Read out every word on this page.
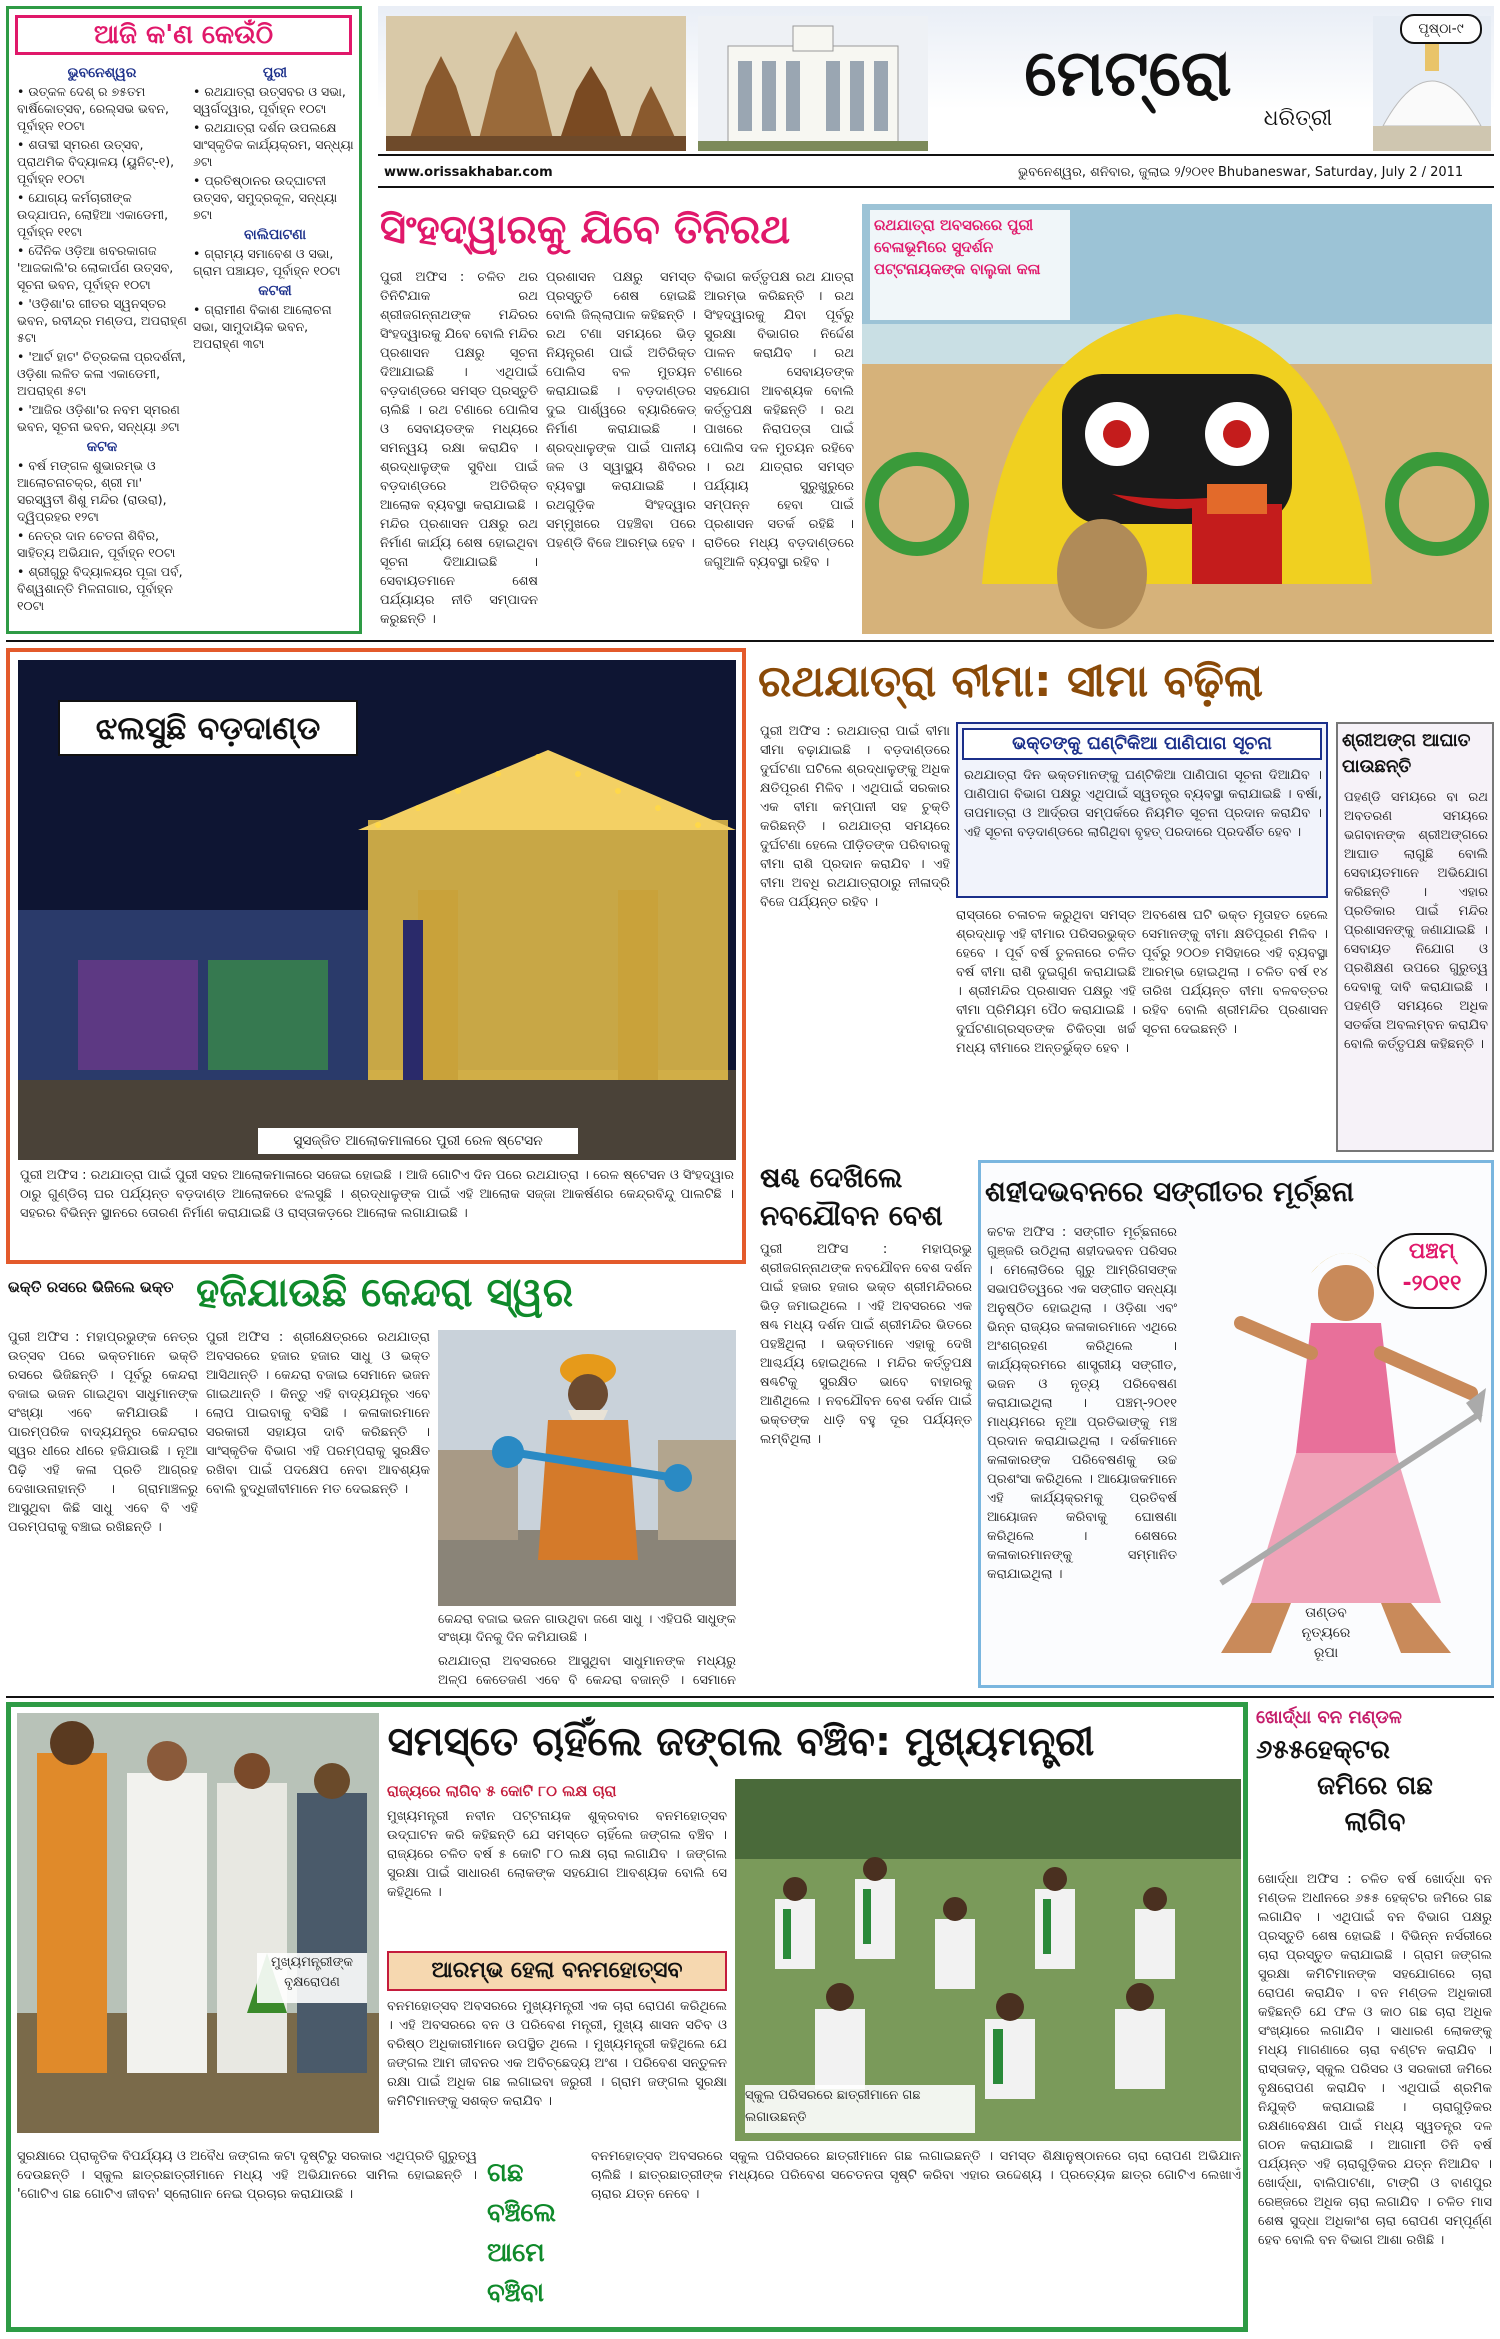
ଆଜି କ'ଣ କେଉଁଠି
ଭୁବନେଶ୍ୱର
• ଉତ୍କଳ ଦେଶ୍ ର ୭୫ତମ ବାର୍ଷିକୋତ୍ସବ, ରେଲ୍‌ସଭ ଭବନ, ପୂର୍ବାହ୍ନ ୧୦ଟା
• ଶତାବ୍ଦୀ ସ୍ମରଣ ଉତ୍ସବ, ପ୍ରାଥମିକ ବିଦ୍ୟାଳୟ (ୟୁନିଟ୍-୧), ପୂର୍ବାହ୍ନ ୧୦ଟା
• ଯୋଗ୍ୟ କର୍ମଚାରୀଙ୍କ ଉଦ୍‌ଯାପନ, ଲୋହିଆ ଏକାଡେମୀ, ପୂର୍ବାହ୍ନ ୧୧ଟା
• ଦୈନିକ ଓଡ଼ିଆ ଖବରକାଗଜ 'ଆଜକାଲି'ର ଲୋକାର୍ପଣ ଉତ୍ସବ, ସୂଚନା ଭବନ, ପୂର୍ବାହ୍ନ ୧୦ଟା
• 'ଓଡ଼ିଶା'ର ଗୀତର ସ୍ୱନସ୍ତର ଭବନ, ରବୀନ୍ଦ୍ର ମଣ୍ଡପ, ଅପରାହ୍ଣ ୫ଟା
• 'ଆର୍ଟ ହାଟ' ଚିତ୍ରକଳା ପ୍ରଦର୍ଶନୀ, ଓଡ଼ିଶା ଲଳିତ କଳା ଏକାଡେମୀ, ଅପରାହ୍ଣ ୫ଟା
• 'ଆଜିର ଓଡ଼ିଶା'ର ନବମ ସ୍ମରଣ ଭବନ, ସୂଚନା ଭବନ, ସନ୍ଧ୍ୟା ୬ଟା
କଟକ
• ବର୍ଷ ମଙ୍ଗଳ ଶୁଭାରମ୍ଭ ଓ ଆଲୋଚନାଚକ୍ର, ଶ୍ରୀ ମା' ସରସ୍ୱତୀ ଶିଶୁ ମନ୍ଦିର (ରାଉରା), ଦ୍ୱିପ୍ରହର ୧୨ଟା
• ନେତ୍ର ଦାନ ଚେତନା ଶିବିର, ସାହିତ୍ୟ ଅଭିଯାନ, ପୂର୍ବାହ୍ନ ୧୦ଟା
• ଶ୍ରୀଗୁରୁ ବିଦ୍ୟାଳୟର ପୂଜା ପର୍ବ, ବିଶ୍ୱଶାନ୍ତି ମିଳନାଗାର, ପୂର୍ବାହ୍ନ ୧୦ଟା
ପୁରୀ
• ରଥଯାତ୍ରା ଉତ୍ସବର ଓ ସଭା, ସ୍ୱର୍ଗଦ୍ୱାର, ପୂର୍ବାହ୍ନ ୧୦ଟା
• ରଥଯାତ୍ରା ଦର୍ଶନ ଉପଲକ୍ଷେ ସାଂସ୍କୃତିକ କାର୍ଯ୍ୟକ୍ରମ, ସନ୍ଧ୍ୟା ୬ଟା
• ପ୍ରତିଷ୍ଠାନର ଉଦ୍‌ଘାଟନୀ ଉତ୍ସବ, ସମୁଦ୍ରକୂଳ, ସନ୍ଧ୍ୟା ୭ଟା
ବାଲିପାଟଣା
• ଗ୍ରାମ୍ୟ ସମାବେଶ ଓ ସଭା, ଗ୍ରାମ ପଞ୍ଚାୟତ, ପୂର୍ବାହ୍ନ ୧୦ଟା
କଟକୀ
• ଗ୍ରାମୀଣ ବିକାଶ ଆଲୋଚନା ସଭା, ସାମୁଦାୟିକ ଭବନ, ଅପରାହ୍ଣ ୩ଟା
ମେଟ୍ରୋ
ଧରିତ୍ରୀ
ପୃଷ୍ଠା-୯
www.orissakhabar.com	ଭୁବନେଶ୍ୱର, ଶନିବାର, ଜୁଲାଇ ୨/୨୦୧୧ Bhubaneswar, Saturday, July 2 / 2011
ସିଂହଦ୍ୱାରକୁ ଯିବେ ତିନିରଥ
ପୁରୀ ଅଫିସ : ଚଳିତ ଥର ତିନିଟିଯାକ ରଥ ଶ୍ରୀଜଗନ୍ନାଥଙ୍କ ମନ୍ଦିରର ସିଂହଦ୍ୱାରକୁ ଯିବେ ବୋଲି ମନ୍ଦିର ପ୍ରଶାସନ ପକ୍ଷରୁ ସୂଚନା ଦିଆଯାଇଛି । ଏଥିପାଇଁ ବଡ଼ଦାଣ୍ଡରେ ସମସ୍ତ ପ୍ରସ୍ତୁତି ଚାଲିଛି । ରଥ ଟଣାରେ ପୋଲିସ ଓ ସେବାୟତଙ୍କ ମଧ୍ୟରେ ସମନ୍ୱୟ ରକ୍ଷା କରାଯିବ । ଶ୍ରଦ୍ଧାଳୁଙ୍କ ସୁବିଧା ପାଇଁ ବଡ଼ଦାଣ୍ଡରେ ଅତିରିକ୍ତ ଆଲୋକ ବ୍ୟବସ୍ଥା କରାଯାଇଛି । ମନ୍ଦିର ପ୍ରଶାସନ ପକ୍ଷରୁ ରଥ ନିର୍ମାଣ କାର୍ଯ୍ୟ ଶେଷ ହୋଇଥିବା ସୂଚନା ଦିଆଯାଇଛି । ସେବାୟତମାନେ ଶେଷ ପର୍ଯ୍ୟାୟର ନୀତି ସମ୍ପାଦନ କରୁଛନ୍ତି ।
ପ୍ରଶାସନ ପକ୍ଷରୁ ସମସ୍ତ ପ୍ରସ୍ତୁତି ଶେଷ ହୋଇଛି ବୋଲି ଜିଲ୍ଲାପାଳ କହିଛନ୍ତି । ରଥ ଟଣା ସମୟରେ ଭିଡ଼ ନିୟନ୍ତ୍ରଣ ପାଇଁ ଅତିରିକ୍ତ ପୋଲିସ ବଳ ମୁତୟନ କରାଯାଇଛି । ବଡ଼ଦାଣ୍ଡର ଦୁଇ ପାର୍ଶ୍ୱରେ ବ୍ୟାରିକେଡ୍ ନିର୍ମାଣ କରାଯାଇଛି । ଶ୍ରଦ୍ଧାଳୁଙ୍କ ପାଇଁ ପାନୀୟ ଜଳ ଓ ସ୍ୱାସ୍ଥ୍ୟ ଶିବିରର ବ୍ୟବସ୍ଥା କରାଯାଇଛି । ରଥଗୁଡ଼ିକ ସିଂହଦ୍ୱାର ସମ୍ମୁଖରେ ପହଞ୍ଚିବା ପରେ ପହଣ୍ଡି ବିଜେ ଆରମ୍ଭ ହେବ ।
ବିଭାଗ କର୍ତ୍ତୃପକ୍ଷ ରଥ ଯାତ୍ରା ଆରମ୍ଭ କରିଛନ୍ତି । ରଥ ସିଂହଦ୍ୱାରକୁ ଯିବା ପୂର୍ବରୁ ସୁରକ୍ଷା ବିଭାଗର ନିର୍ଦ୍ଦେଶ ପାଳନ କରାଯିବ । ରଥ ଟଣାରେ ସେବାୟତଙ୍କ ସହଯୋଗ ଆବଶ୍ୟକ ବୋଲି କର୍ତ୍ତୃପକ୍ଷ କହିଛନ୍ତି । ରଥ ପାଖରେ ନିରାପତ୍ତା ପାଇଁ ପୋଲିସ ଦଳ ମୁତୟନ ରହିବେ । ରଥ ଯାତ୍ରାର ସମସ୍ତ ପର୍ଯ୍ୟାୟ ସୁରୁଖୁରୁରେ ସମ୍ପନ୍ନ ହେବା ପାଇଁ ପ୍ରଶାସନ ସତର୍କ ରହିଛି । ରାତିରେ ମଧ୍ୟ ବଡ଼ଦାଣ୍ଡରେ ଜଗୁଆଳି ବ୍ୟବସ୍ଥା ରହିବ ।
ରଥଯାତ୍ରା ଅବସରରେ ପୁରୀ ବେଳାଭୂମିରେ ସୁଦର୍ଶନ ପଟ୍ଟନାୟକଙ୍କ ବାଲୁକା କଳା
ଝଲସୁଛି ବଡ଼ଦାଣ୍ଡ
ସୁସଜ୍ଜିତ ଆଲୋକମାଳାରେ ପୁରୀ ରେଳ ଷ୍ଟେସନ
ପୁରୀ ଅଫିସ : ରଥଯାତ୍ରା ପାଇଁ ପୁରୀ ସହର ଆଲୋକମାଳାରେ ସଜେଇ ହୋଇଛି । ଆଜି ଗୋଟିଏ ଦିନ ପରେ ରଥଯାତ୍ରା । ରେଳ ଷ୍ଟେସନ ଓ ସିଂହଦ୍ୱାର ଠାରୁ ଗୁଣ୍ଡିଚା ଘର ପର୍ଯ୍ୟନ୍ତ ବଡ଼ଦାଣ୍ଡ ଆଲୋକରେ ଝଲସୁଛି । ଶ୍ରଦ୍ଧାଳୁଙ୍କ ପାଇଁ ଏହି ଆଲୋକ ସଜ୍ଜା ଆକର୍ଷଣର କେନ୍ଦ୍ରବିନ୍ଦୁ ପାଲଟିଛି । ସହରର ବିଭିନ୍ନ ସ୍ଥାନରେ ତୋରଣ ନିର୍ମାଣ କରାଯାଇଛି ଓ ରାସ୍ତାକଡ଼ରେ ଆଲୋକ ଲଗାଯାଇଛି ।
ରଥଯାତ୍ରା ବୀମା: ସୀମା ବଢ଼ିଲା
ପୁରୀ ଅଫିସ : ରଥଯାତ୍ରା ପାଇଁ ବୀମା ସୀମା ବଢ଼ାଯାଇଛି । ବଡ଼ଦାଣ୍ଡରେ ଦୁର୍ଘଟଣା ଘଟିଲେ ଶ୍ରଦ୍ଧାଳୁଙ୍କୁ ଅଧିକ କ୍ଷତିପୂରଣ ମିଳିବ । ଏଥିପାଇଁ ସରକାର ଏକ ବୀମା କମ୍ପାନୀ ସହ ଚୁକ୍ତି କରିଛନ୍ତି । ରଥଯାତ୍ରା ସମୟରେ ଦୁର୍ଘଟଣା ହେଲେ ପୀଡ଼ିତଙ୍କ ପରିବାରକୁ ବୀମା ରାଶି ପ୍ରଦାନ କରାଯିବ । ଏହି ବୀମା ଅବଧି ରଥଯାତ୍ରାଠାରୁ ନୀଳାଦ୍ରି ବିଜେ ପର୍ଯ୍ୟନ୍ତ ରହିବ ।
ଭକ୍ତଙ୍କୁ ଘଣ୍ଟିକିଆ ପାଣିପାଗ ସୂଚନା
ରଥଯାତ୍ରା ଦିନ ଭକ୍ତମାନଙ୍କୁ ଘଣ୍ଟିକିଆ ପାଣିପାଗ ସୂଚନା ଦିଆଯିବ । ପାଣିପାଗ ବିଭାଗ ପକ୍ଷରୁ ଏଥିପାଇଁ ସ୍ୱତନ୍ତ୍ର ବ୍ୟବସ୍ଥା କରାଯାଇଛି । ବର୍ଷା, ତାପମାତ୍ରା ଓ ଆର୍ଦ୍ରତା ସମ୍ପର୍କରେ ନିୟମିତ ସୂଚନା ପ୍ରଦାନ କରାଯିବ । ଏହି ସୂଚନା ବଡ଼ଦାଣ୍ଡରେ ଲାଗିଥିବା ବୃହତ୍ ପରଦାରେ ପ୍ରଦର୍ଶିତ ହେବ ।
ରାସ୍ତାରେ ଚଳାଚଳ କରୁଥିବା ସମସ୍ତ ଶ୍ରଦ୍ଧାଳୁ ଏହି ବୀମାର ପରିସରଭୁକ୍ତ ହେବେ । ପୂର୍ବ ବର୍ଷ ତୁଳନାରେ ଚଳିତ ବର୍ଷ ବୀମା ରାଶି ଦୁଇଗୁଣ କରାଯାଇଛି । ଶ୍ରୀମନ୍ଦିର ପ୍ରଶାସନ ପକ୍ଷରୁ ଏହି ବୀମା ପ୍ରିମିୟମ ପୈଠ କରାଯାଇଛି । ଦୁର୍ଘଟଣାଗ୍ରସ୍ତଙ୍କ ଚିକିତ୍ସା ଖର୍ଚ୍ଚ ମଧ୍ୟ ବୀମାରେ ଅନ୍ତର୍ଭୁକ୍ତ ହେବ ।
ଅବଶେଷ ଘଟି ଭକ୍ତ ମୃତାହତ ହେଲେ ସେମାନଙ୍କୁ ବୀମା କ୍ଷତିପୂରଣ ମିଳିବ । ପୂର୍ବରୁ ୨୦୦୭ ମସିହାରେ ଏହି ବ୍ୟବସ୍ଥା ଆରମ୍ଭ ହୋଇଥିଲା । ଚଳିତ ବର୍ଷ ୧୪ ତାରିଖ ପର୍ଯ୍ୟନ୍ତ ବୀମା ବଳବତ୍ତର ରହିବ ବୋଲି ଶ୍ରୀମନ୍ଦିର ପ୍ରଶାସନ ସୂଚନା ଦେଇଛନ୍ତି ।
ଶ୍ରୀଅଙ୍ଗ ଆଘାତ ପାଉଛନ୍ତି
ପହଣ୍ଡି ସମୟରେ ବା ରଥ ଅବତରଣ ସମୟରେ ଭଗବାନଙ୍କ ଶ୍ରୀଅଙ୍ଗରେ ଆଘାତ ଲାଗୁଛି ବୋଲି ସେବାୟତମାନେ ଅଭିଯୋଗ କରିଛନ୍ତି । ଏହାର ପ୍ରତିକାର ପାଇଁ ମନ୍ଦିର ପ୍ରଶାସନଙ୍କୁ ଜଣାଯାଇଛି । ସେବାୟତ ନିଯୋଗ ଓ ପ୍ରଶିକ୍ଷଣ ଉପରେ ଗୁରୁତ୍ୱ ଦେବାକୁ ଦାବି କରାଯାଇଛି । ପହଣ୍ଡି ସମୟରେ ଅଧିକ ସତର୍କତା ଅବଲମ୍ବନ କରାଯିବ ବୋଲି କର୍ତ୍ତୃପକ୍ଷ କହିଛନ୍ତି ।
ଷଣ୍ଢ ଦେଖିଲେ
ନବଯୌବନ ବେଶ
ପୁରୀ ଅଫିସ : ମହାପ୍ରଭୁ ଶ୍ରୀଜଗନ୍ନାଥଙ୍କ ନବଯୌବନ ବେଶ ଦର୍ଶନ ପାଇଁ ହଜାର ହଜାର ଭକ୍ତ ଶ୍ରୀମନ୍ଦିରରେ ଭିଡ଼ ଜମାଇଥିଲେ । ଏହି ଅବସରରେ ଏକ ଷଣ୍ଢ ମଧ୍ୟ ଦର୍ଶନ ପାଇଁ ଶ୍ରୀମନ୍ଦିର ଭିତରେ ପହଞ୍ଚିଥିଲା । ଭକ୍ତମାନେ ଏହାକୁ ଦେଖି ଆଶ୍ଚର୍ଯ୍ୟ ହୋଇଥିଲେ । ମନ୍ଦିର କର୍ତ୍ତୃପକ୍ଷ ଷଣ୍ଢଟିକୁ ସୁରକ୍ଷିତ ଭାବେ ବାହାରକୁ ଆଣିଥିଲେ । ନବଯୌବନ ବେଶ ଦର୍ଶନ ପାଇଁ ଭକ୍ତଙ୍କ ଧାଡ଼ି ବହୁ ଦୂର ପର୍ଯ୍ୟନ୍ତ ଲମ୍ବିଥିଲା ।
ଶହୀଦଭବନରେ ସଙ୍ଗୀତର ମୂର୍ଚ୍ଛନା
କଟକ ଅଫିସ : ସଙ୍ଗୀତ ମୂର୍ଚ୍ଛନାରେ ଗୁଞ୍ଜରି ଉଠିଥିଲା ଶହୀଦଭବନ ପରିସର । ମେଲୋଡିରେ ଗୁରୁ ଆମ୍ରିଗସଙ୍କ ସଭାପତିତ୍ୱରେ ଏକ ସଙ୍ଗୀତ ସନ୍ଧ୍ୟା ଅନୁଷ୍ଠିତ ହୋଇଥିଲା । ଓଡ଼ିଶା ଏବଂ ଭିନ୍ନ ରାଜ୍ୟର କଳାକାରମାନେ ଏଥିରେ ଅଂଶଗ୍ରହଣ କରିଥିଲେ । କାର୍ଯ୍ୟକ୍ରମରେ ଶାସ୍ତ୍ରୀୟ ସଙ୍ଗୀତ, ଭଜନ ଓ ନୃତ୍ୟ ପରିବେଷଣ କରାଯାଇଥିଲା । ପଞ୍ଚମ୍-୨୦୧୧ ମାଧ୍ୟମରେ ନୂଆ ପ୍ରତିଭାଙ୍କୁ ମଞ୍ଚ ପ୍ରଦାନ କରାଯାଇଥିଲା । ଦର୍ଶକମାନେ କଳାକାରଙ୍କ ପରିବେଷଣକୁ ଉଚ୍ଚ ପ୍ରଶଂସା କରିଥିଲେ । ଆୟୋଜକମାନେ ଏହି କାର୍ଯ୍ୟକ୍ରମକୁ ପ୍ରତିବର୍ଷ ଆୟୋଜନ କରିବାକୁ ଘୋଷଣା କରିଥିଲେ । ଶେଷରେ କଳାକାରମାନଙ୍କୁ ସମ୍ମାନିତ କରାଯାଇଥିଲା ।
ପଞ୍ଚମ୍
-୨୦୧୧
ତାଣ୍ଡବ
ନୃତ୍ୟରେ
ରୂପା
ଭକ୍ତି ରସରେ ଭିଜିଲେ ଭକ୍ତ ହଜିଯାଉଛି କେନ୍ଦରା ସ୍ୱର
ପୁରୀ ଅଫିସ : ମହାପ୍ରଭୁଙ୍କ ନେତ୍ର ଉତ୍ସବ ପରେ ଭକ୍ତମାନେ ଭକ୍ତି ରସରେ ଭିଜିଛନ୍ତି । ପୂର୍ବରୁ କେନ୍ଦରା ବଜାଇ ଭଜନ ଗାଇଥିବା ସାଧୁମାନଙ୍କ ସଂଖ୍ୟା ଏବେ କମିଯାଉଛି । ପାରମ୍ପରିକ ବାଦ୍ୟଯନ୍ତ୍ର କେନ୍ଦରାର ସ୍ୱର ଧୀରେ ଧୀରେ ହଜିଯାଉଛି । ନୂଆ ପିଢ଼ି ଏହି କଳା ପ୍ରତି ଆଗ୍ରହ ଦେଖାଉନାହାନ୍ତି । ଗ୍ରାମାଞ୍ଚଳରୁ ଆସୁଥିବା କିଛି ସାଧୁ ଏବେ ବି ଏହି ପରମ୍ପରାକୁ ବଞ୍ଚାଇ ରଖିଛନ୍ତି ।
ପୁରୀ ଅଫିସ : ଶ୍ରୀକ୍ଷେତ୍ରରେ ରଥଯାତ୍ରା ଅବସରରେ ହଜାର ହଜାର ସାଧୁ ଓ ଭକ୍ତ ଆସିଥାନ୍ତି । କେନ୍ଦରା ବଜାଇ ସେମାନେ ଭଜନ ଗାଇଥାନ୍ତି । କିନ୍ତୁ ଏହି ବାଦ୍ୟଯନ୍ତ୍ର ଏବେ ଲୋପ ପାଇବାକୁ ବସିଛି । କଳାକାରମାନେ ସରକାରୀ ସହାୟତା ଦାବି କରିଛନ୍ତି । ସାଂସ୍କୃତିକ ବିଭାଗ ଏହି ପରମ୍ପରାକୁ ସୁରକ୍ଷିତ ରଖିବା ପାଇଁ ପଦକ୍ଷେପ ନେବା ଆବଶ୍ୟକ ବୋଲି ବୁଦ୍ଧିଜୀବୀମାନେ ମତ ଦେଇଛନ୍ତି ।
କେନ୍ଦରା ବଜାଇ ଭଜନ ଗାଉଥିବା ଜଣେ ସାଧୁ । ଏହିପରି ସାଧୁଙ୍କ ସଂଖ୍ୟା ଦିନକୁ ଦିନ କମିଯାଉଛି ।
ରଥଯାତ୍ରା ଅବସରରେ ଆସୁଥିବା ସାଧୁମାନଙ୍କ ମଧ୍ୟରୁ ଅଳ୍ପ କେତେଜଣ ଏବେ ବି କେନ୍ଦରା ବଜାନ୍ତି । ସେମାନେ
ସମସ୍ତେ ଚାହିଁଲେ ଜଙ୍ଗଲ ବଞ୍ଚିବ: ମୁଖ୍ୟମନ୍ତ୍ରୀ
ମୁଖ୍ୟମନ୍ତ୍ରୀଙ୍କ ବୃକ୍ଷରୋପଣ
ରାଜ୍ୟରେ ଲାଗିବ ୫ କୋଟି ୮୦ ଲକ୍ଷ ଚାରା
ମୁଖ୍ୟମନ୍ତ୍ରୀ ନବୀନ ପଟ୍ଟନାୟକ ଶୁକ୍ରବାର ବନମହୋତ୍ସବ ଉଦ୍‌ଘାଟନ କରି କହିଛନ୍ତି ଯେ ସମସ୍ତେ ଚାହିଁଲେ ଜଙ୍ଗଲ ବଞ୍ଚିବ । ରାଜ୍ୟରେ ଚଳିତ ବର୍ଷ ୫ କୋଟି ୮୦ ଲକ୍ଷ ଚାରା ଲଗାଯିବ । ଜଙ୍ଗଲ ସୁରକ୍ଷା ପାଇଁ ସାଧାରଣ ଲୋକଙ୍କ ସହଯୋଗ ଆବଶ୍ୟକ ବୋଲି ସେ କହିଥିଲେ ।
ଆରମ୍ଭ ହେଲା ବନମହୋତ୍ସବ
ବନମହୋତ୍ସବ ଅବସରରେ ମୁଖ୍ୟମନ୍ତ୍ରୀ ଏକ ଚାରା ରୋପଣ କରିଥିଲେ । ଏହି ଅବସରରେ ବନ ଓ ପରିବେଶ ମନ୍ତ୍ରୀ, ମୁଖ୍ୟ ଶାସନ ସଚିବ ଓ ବରିଷ୍ଠ ଅଧିକାରୀମାନେ ଉପସ୍ଥିତ ଥିଲେ । ମୁଖ୍ୟମନ୍ତ୍ରୀ କହିଥିଲେ ଯେ ଜଙ୍ଗଲ ଆମ ଜୀବନର ଏକ ଅବିଚ୍ଛେଦ୍ୟ ଅଂଶ । ପରିବେଶ ସନ୍ତୁଳନ ରକ୍ଷା ପାଇଁ ଅଧିକ ଗଛ ଲଗାଇବା ଜରୁରୀ । ଗ୍ରାମ ଜଙ୍ଗଲ ସୁରକ୍ଷା କମିଟିମାନଙ୍କୁ ସଶକ୍ତ କରାଯିବ ।	ସ୍କୁଲ ପରିସରରେ ଛାତ୍ରୀମାନେ ଗଛ ଲଗାଉଛନ୍ତି
ସୁରକ୍ଷାରେ ପ୍ରାକୃତିକ ବିପର୍ଯ୍ୟୟ ଓ ଅବୈଧ ଜଙ୍ଗଲ କଟା ଦୃଷ୍ଟିରୁ ସରକାର ଏଥିପ୍ରତି ଗୁରୁତ୍ୱ ଦେଉଛନ୍ତି । ସ୍କୁଲ ଛାତ୍ରଛାତ୍ରୀମାନେ ମଧ୍ୟ ଏହି ଅଭିଯାନରେ ସାମିଲ ହୋଇଛନ୍ତି । 'ଗୋଟିଏ ଗଛ ଗୋଟିଏ ଜୀବନ' ସ୍ଲୋଗାନ ନେଇ ପ୍ରଚାର କରାଯାଉଛି ।
ଗଛ ବଞ୍ଚିଲେ ଆମେ ବଞ୍ଚିବା
ବନମହୋତ୍ସବ ଅବସରରେ ସ୍କୁଲ ପରିସରରେ ଛାତ୍ରୀମାନେ ଗଛ ଲଗାଇଛନ୍ତି । ସମସ୍ତ ଶିକ୍ଷାନୁଷ୍ଠାନରେ ଚାରା ରୋପଣ ଅଭିଯାନ ଚାଲିଛି । ଛାତ୍ରଛାତ୍ରୀଙ୍କ ମଧ୍ୟରେ ପରିବେଶ ସଚେତନତା ସୃଷ୍ଟି କରିବା ଏହାର ଉଦ୍ଦେଶ୍ୟ । ପ୍ରତ୍ୟେକ ଛାତ୍ର ଗୋଟିଏ ଲେଖାଏଁ ଚାରାର ଯତ୍ନ ନେବେ ।
ଖୋର୍ଦ୍ଧା ବନ ମଣ୍ଡଳ
୬୫୫ହେକ୍ଟର
ଜମିରେ ଗଛ
ଲାଗିବ
ଖୋର୍ଦ୍ଧା ଅଫିସ : ଚଳିତ ବର୍ଷ ଖୋର୍ଦ୍ଧା ବନ ମଣ୍ଡଳ ଅଧୀନରେ ୬୫୫ ହେକ୍ଟର ଜମିରେ ଗଛ ଲଗାଯିବ । ଏଥିପାଇଁ ବନ ବିଭାଗ ପକ୍ଷରୁ ପ୍ରସ୍ତୁତି ଶେଷ ହୋଇଛି । ବିଭିନ୍ନ ନର୍ସରୀରେ ଚାରା ପ୍ରସ୍ତୁତ କରାଯାଇଛି । ଗ୍ରାମ ଜଙ୍ଗଲ ସୁରକ୍ଷା କମିଟିମାନଙ୍କ ସହଯୋଗରେ ଚାରା ରୋପଣ କରାଯିବ । ବନ ମଣ୍ଡଳ ଅଧିକାରୀ କହିଛନ୍ତି ଯେ ଫଳ ଓ କାଠ ଗଛ ଚାରା ଅଧିକ ସଂଖ୍ୟାରେ ଲଗାଯିବ । ସାଧାରଣ ଲୋକଙ୍କୁ ମଧ୍ୟ ମାଗଣାରେ ଚାରା ବଣ୍ଟନ କରାଯିବ । ରାସ୍ତାକଡ଼, ସ୍କୁଲ ପରିସର ଓ ସରକାରୀ ଜମିରେ ବୃକ୍ଷରୋପଣ କରାଯିବ । ଏଥିପାଇଁ ଶ୍ରମିକ ନିଯୁକ୍ତି କରାଯାଇଛି । ଚାରାଗୁଡ଼ିକର ରକ୍ଷଣାବେକ୍ଷଣ ପାଇଁ ମଧ୍ୟ ସ୍ୱତନ୍ତ୍ର ଦଳ ଗଠନ କରାଯାଇଛି । ଆଗାମୀ ତିନି ବର୍ଷ ପର୍ଯ୍ୟନ୍ତ ଏହି ଚାରାଗୁଡ଼ିକର ଯତ୍ନ ନିଆଯିବ । ଖୋର୍ଦ୍ଧା, ବାଲିପାଟଣା, ଟାଙ୍ଗି ଓ ବାଣପୁର ରେଞ୍ଜରେ ଅଧିକ ଚାରା ଲଗାଯିବ । ଚଳିତ ମାସ ଶେଷ ସୁଦ୍ଧା ଅଧିକାଂଶ ଚାରା ରୋପଣ ସମ୍ପୂର୍ଣ୍ଣ ହେବ ବୋଲି ବନ ବିଭାଗ ଆଶା ରଖିଛି ।
